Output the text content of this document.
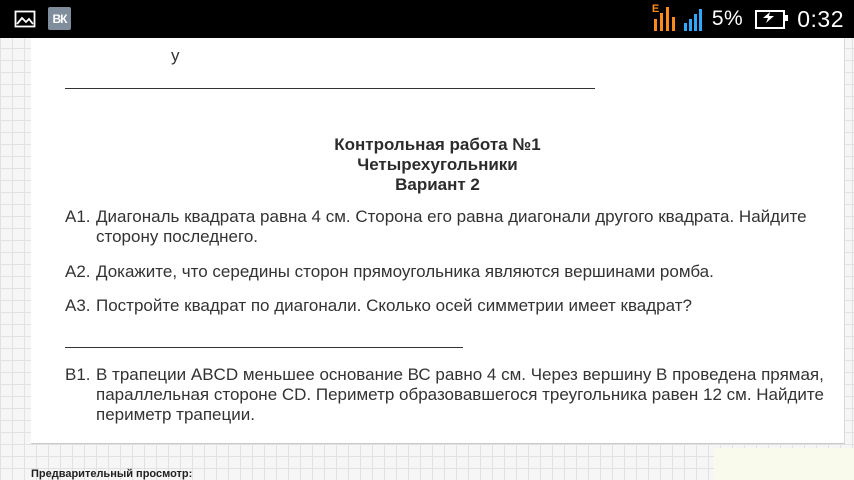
ВК
E	5% 0:32
у
Контрольная работа №1
Четырехугольники
Вариант 2
А1. Диагональ квадрата равна 4 см. Сторона его равна диагонали другого квадрата. Найдите сторону последнего.
А2. Докажите, что середины сторон прямоугольника являются вершинами ромба.
А3. Постройте квадрат по диагонали. Сколько осей симметрии имеет квадрат?
В1. В трапеции ABCD меньшее основание ВС равно 4 см. Через вершину В проведена прямая, параллельная стороне CD. Периметр образовавшегося треугольника равен 12 см. Найдите периметр трапеции.
Предварительный просмотр:
